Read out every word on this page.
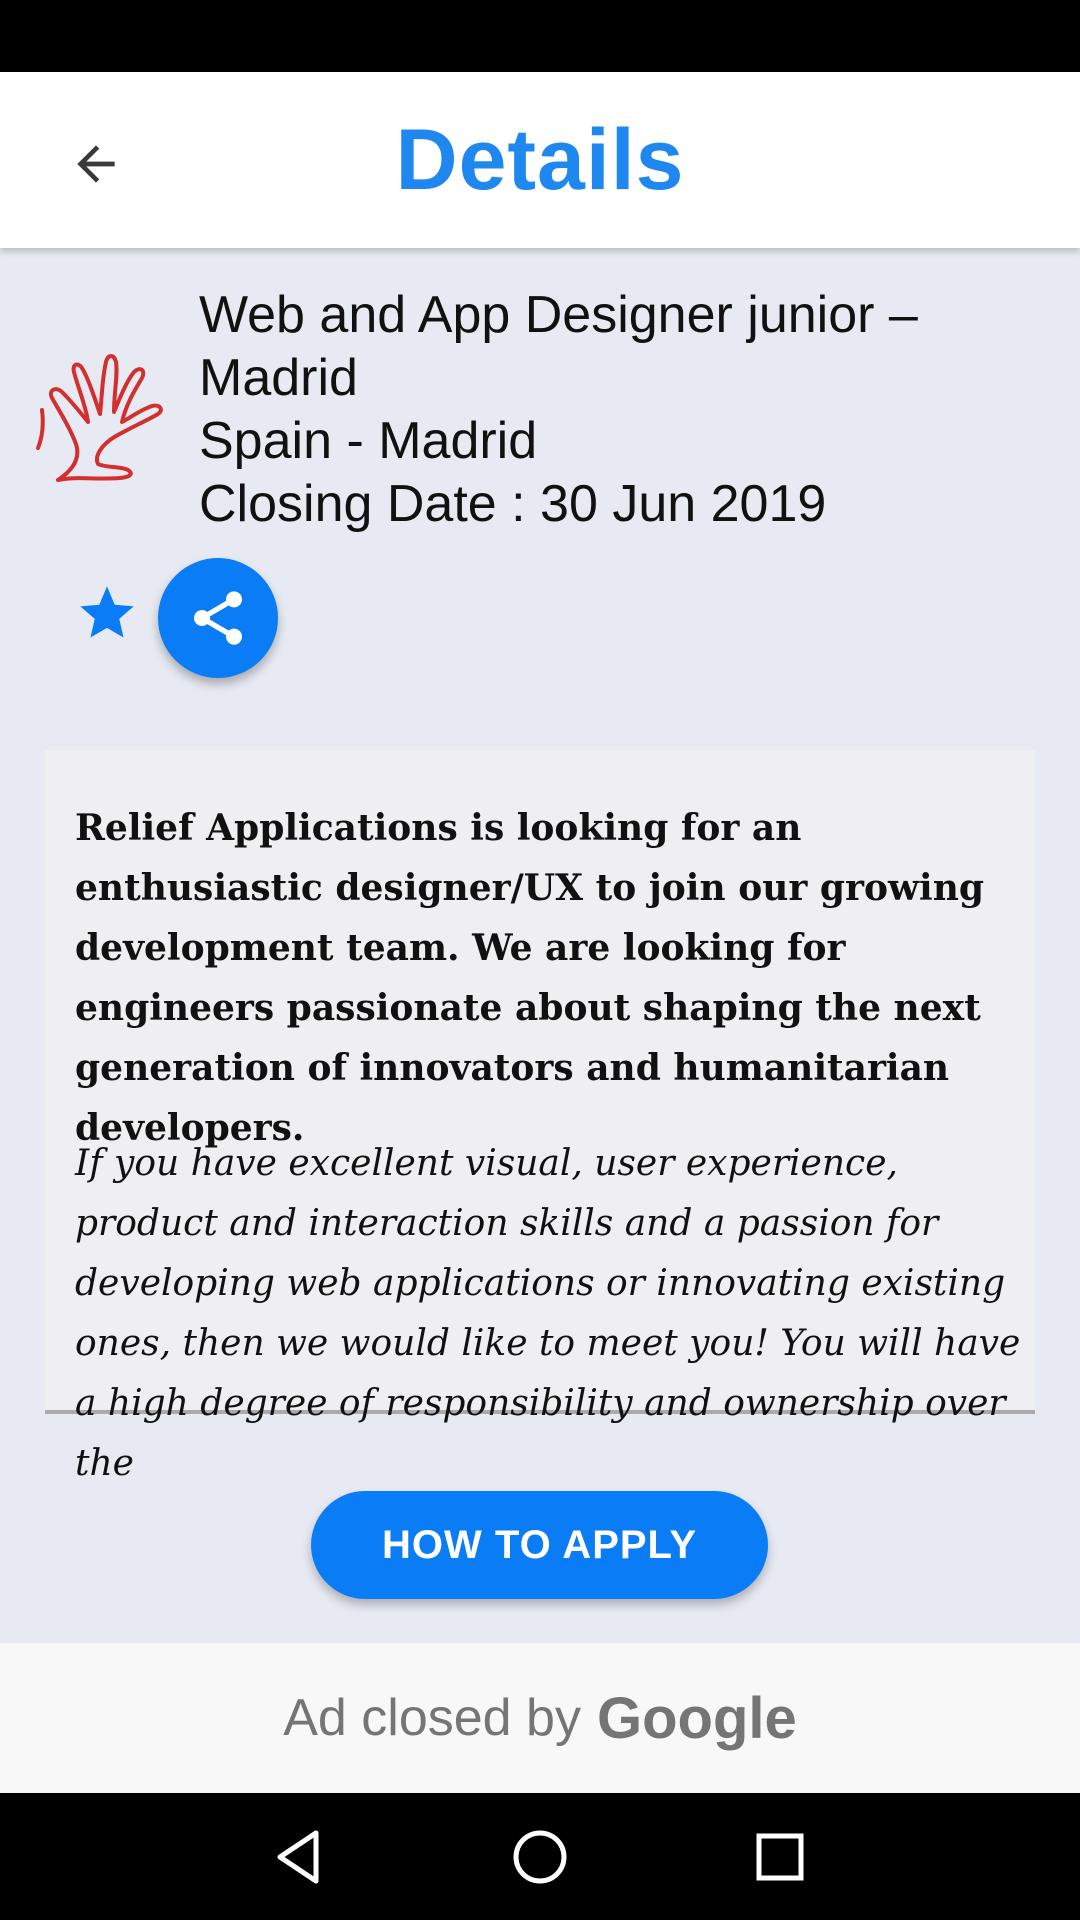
Details
Web and App Designer junior –
Madrid
Spain - Madrid
Closing Date : 30 Jun 2019

Relief Applications is looking for an enthusiastic designer/UX to join our growing development team. We are looking for engineers passionate about shaping the next generation of innovators and humanitarian developers.

If you have excellent visual, user experience, product and interaction skills and a passion for developing web applications or innovating existing ones, then we would like to meet you! You will have a high degree of responsibility and ownership over the

HOW TO APPLY
Ad closed by Google
